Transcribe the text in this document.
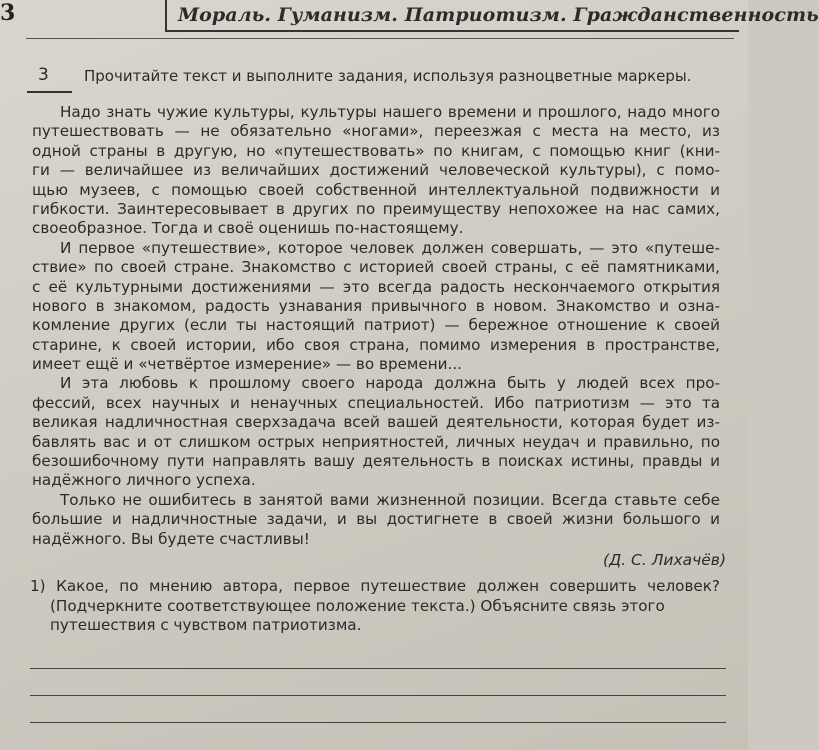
3	Мораль. Гуманизм. Патриотизм. Гражданственность
3 Прочитайте текст и выполните задания, используя разноцветные маркеры.
Надо знать чужие культуры, культуры нашего времени и прошлого, надо много
путешествовать — не обязательно «ногами», переезжая с места на место, из
одной страны в другую, но «путешествовать» по книгам, с помощью книг (кни-
ги — величайшее из величайших достижений человеческой культуры), с помо-
щью музеев, с помощью своей собственной интеллектуальной подвижности и
гибкости. Заинтересовывает в других по преимуществу непохожее на нас самих,
своеобразное. Тогда и своё оценишь по-настоящему.
И первое «путешествие», которое человек должен совершать, — это «путеше-
ствие» по своей стране. Знакомство с историей своей страны, с её памятниками,
с её культурными достижениями — это всегда радость нескончаемого открытия
нового в знакомом, радость узнавания привычного в новом. Знакомство и озна-
комление других (если ты настоящий патриот) — бережное отношение к своей
старине, к своей истории, ибо своя страна, помимо измерения в пространстве,
имеет ещё и «четвёртое измерение» — во времени...
И эта любовь к прошлому своего народа должна быть у людей всех про-
фессий, всех научных и ненаучных специальностей. Ибо патриотизм — это та
великая надличностная сверхзадача всей вашей деятельности, которая будет из-
бавлять вас и от слишком острых неприятностей, личных неудач и правильно, по
безошибочному пути направлять вашу деятельность в поисках истины, правды и
надёжного личного успеха.
Только не ошибитесь в занятой вами жизненной позиции. Всегда ставьте себе
большие и надличностные задачи, и вы достигнете в своей жизни большого и
надёжного. Вы будете счастливы!
(Д. С. Лихачёв)
1) Какое, по мнению автора, первое путешествие должен совершить человек?
(Подчеркните соответствующее положение текста.) Объясните связь этого
путешествия с чувством патриотизма.
